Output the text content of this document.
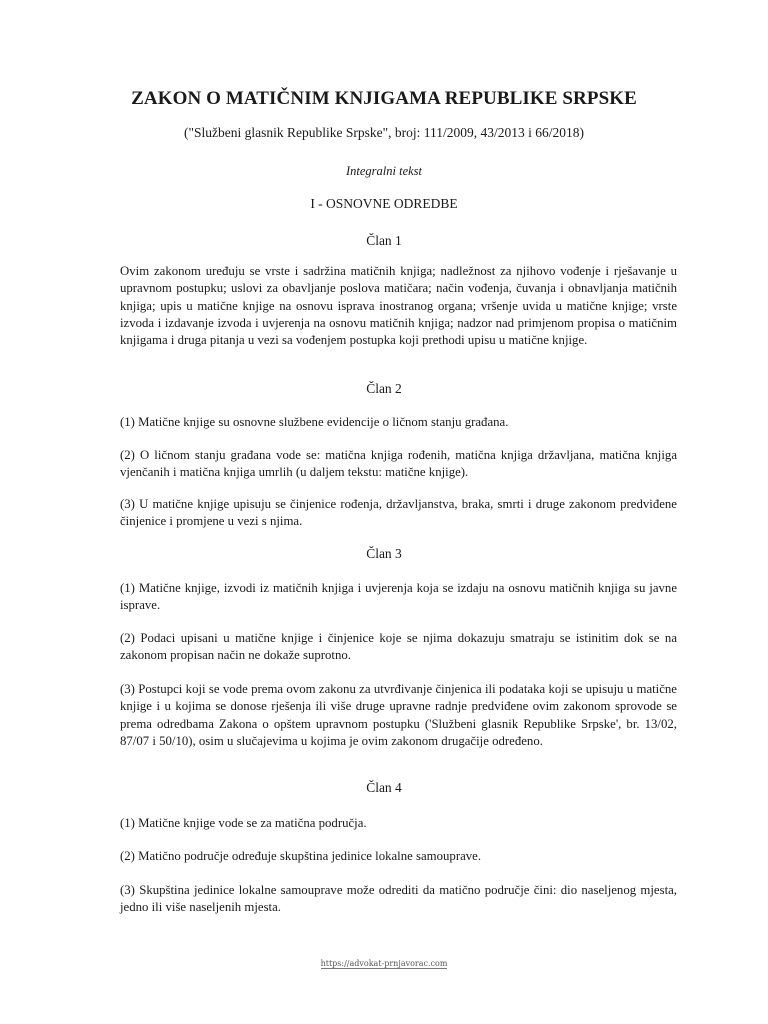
ZAKON O MATIČNIM KNJIGAMA REPUBLIKE SRPSKE
("Službeni glasnik Republike Srpske", broj: 111/2009, 43/2013 i 66/2018)
Integralni tekst
I - OSNOVNE ODREDBE
Član 1
Ovim zakonom uređuju se vrste i sadržina matičnih knjiga; nadležnost za njihovo vođenje i rješavanje u upravnom postupku; uslovi za obavljanje poslova matičara; način vođenja, čuvanja i obnavljanja matičnih knjiga; upis u matične knjige na osnovu isprava inostranog organa; vršenje uvida u matične knjige; vrste izvoda i izdavanje izvoda i uvjerenja na osnovu matičnih knjiga; nadzor nad primjenom propisa o matičnim knjigama i druga pitanja u vezi sa vođenjem postupka koji prethodi upisu u matične knjige.
Član 2
(1) Matične knjige su osnovne službene evidencije o ličnom stanju građana.
(2) O ličnom stanju građana vode se: matična knjiga rođenih, matična knjiga državljana, matična knjiga vjenčanih i matična knjiga umrlih (u daljem tekstu: matične knjige).
(3) U matične knjige upisuju se činjenice rođenja, državljanstva, braka, smrti i druge zakonom predviđene činjenice i promjene u vezi s njima.
Član 3
(1) Matične knjige, izvodi iz matičnih knjiga i uvjerenja koja se izdaju na osnovu matičnih knjiga su javne isprave.
(2) Podaci upisani u matične knjige i činjenice koje se njima dokazuju smatraju se istinitim dok se na zakonom propisan način ne dokaže suprotno.
(3) Postupci koji se vode prema ovom zakonu za utvrđivanje činjenica ili podataka koji se upisuju u matične knjige i u kojima se donose rješenja ili više druge upravne radnje predviđene ovim zakonom sprovode se prema odredbama Zakona o opštem upravnom postupku ('Službeni glasnik Republike Srpske', br. 13/02, 87/07 i 50/10), osim u slučajevima u kojima je ovim zakonom drugačije određeno.
Član 4
(1) Matične knjige vode se za matična područja.
(2) Matično područje određuje skupština jedinice lokalne samouprave.
(3) Skupština jedinice lokalne samouprave može odrediti da matično područje čini: dio naseljenog mjesta, jedno ili više naseljenih mjesta.
https://advokat-prnjavorac.com
